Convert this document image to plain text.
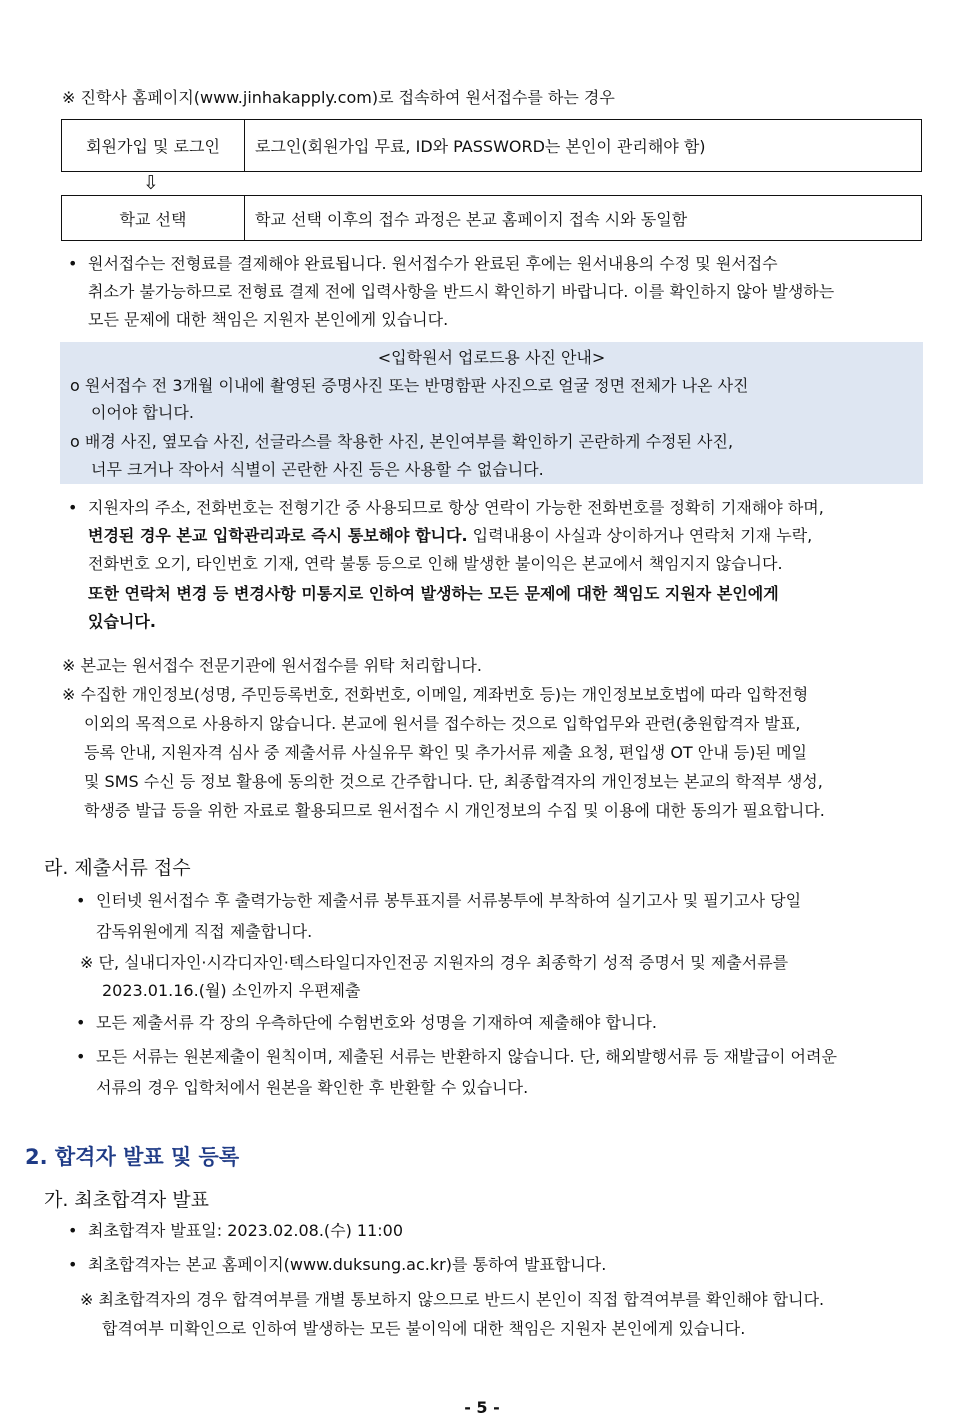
※ 진학사 홈페이지(www.jinhakapply.com)로 접속하여 원서접수를 하는 경우
회원가입 및 로그인	로그인(회원가입 무료, ID와 PASSWORD는 본인이 관리해야 함)
⇩
학교 선택	학교 선택 이후의 접수 과정은 본교 홈페이지 접속 시와 동일함
• 원서접수는 전형료를 결제해야 완료됩니다. 원서접수가 완료된 후에는 원서내용의 수정 및 원서접수
취소가 불가능하므로 전형료 결제 전에 입력사항을 반드시 확인하기 바랍니다. 이를 확인하지 않아 발생하는
모든 문제에 대한 책임은 지원자 본인에게 있습니다.
<입학원서 업로드용 사진 안내>
o 원서접수 전 3개월 이내에 촬영된 증명사진 또는 반명함판 사진으로 얼굴 정면 전체가 나온 사진
이어야 합니다.
o 배경 사진, 옆모습 사진, 선글라스를 착용한 사진, 본인여부를 확인하기 곤란하게 수정된 사진,
너무 크거나 작아서 식별이 곤란한 사진 등은 사용할 수 없습니다.
• 지원자의 주소, 전화번호는 전형기간 중 사용되므로 항상 연락이 가능한 전화번호를 정확히 기재해야 하며,
변경된 경우 본교 입학관리과로 즉시 통보해야 합니다. 입력내용이 사실과 상이하거나 연락처 기재 누락,
전화번호 오기, 타인번호 기재, 연락 불통 등으로 인해 발생한 불이익은 본교에서 책임지지 않습니다.
또한 연락처 변경 등 변경사항 미통지로 인하여 발생하는 모든 문제에 대한 책임도 지원자 본인에게
있습니다.
※ 본교는 원서접수 전문기관에 원서접수를 위탁 처리합니다.
※ 수집한 개인정보(성명, 주민등록번호, 전화번호, 이메일, 계좌번호 등)는 개인정보보호법에 따라 입학전형
이외의 목적으로 사용하지 않습니다. 본교에 원서를 접수하는 것으로 입학업무와 관련(충원합격자 발표,
등록 안내, 지원자격 심사 중 제출서류 사실유무 확인 및 추가서류 제출 요청, 편입생 OT 안내 등)된 메일
및 SMS 수신 등 정보 활용에 동의한 것으로 간주합니다. 단, 최종합격자의 개인정보는 본교의 학적부 생성,
학생증 발급 등을 위한 자료로 활용되므로 원서접수 시 개인정보의 수집 및 이용에 대한 동의가 필요합니다.
라. 제출서류 접수
• 인터넷 원서접수 후 출력가능한 제출서류 봉투표지를 서류봉투에 부착하여 실기고사 및 필기고사 당일
감독위원에게 직접 제출합니다.
※ 단, 실내디자인·시각디자인·텍스타일디자인전공 지원자의 경우 최종학기 성적 증명서 및 제출서류를
2023.01.16.(월) 소인까지 우편제출
• 모든 제출서류 각 장의 우측하단에 수험번호와 성명을 기재하여 제출해야 합니다.
• 모든 서류는 원본제출이 원칙이며, 제출된 서류는 반환하지 않습니다. 단, 해외발행서류 등 재발급이 어려운
서류의 경우 입학처에서 원본을 확인한 후 반환할 수 있습니다.
2. 합격자 발표 및 등록
가. 최초합격자 발표
• 최초합격자 발표일: 2023.02.08.(수) 11:00
• 최초합격자는 본교 홈페이지(www.duksung.ac.kr)를 통하여 발표합니다.
※ 최초합격자의 경우 합격여부를 개별 통보하지 않으므로 반드시 본인이 직접 합격여부를 확인해야 합니다.
합격여부 미확인으로 인하여 발생하는 모든 불이익에 대한 책임은 지원자 본인에게 있습니다.
- 5 -
